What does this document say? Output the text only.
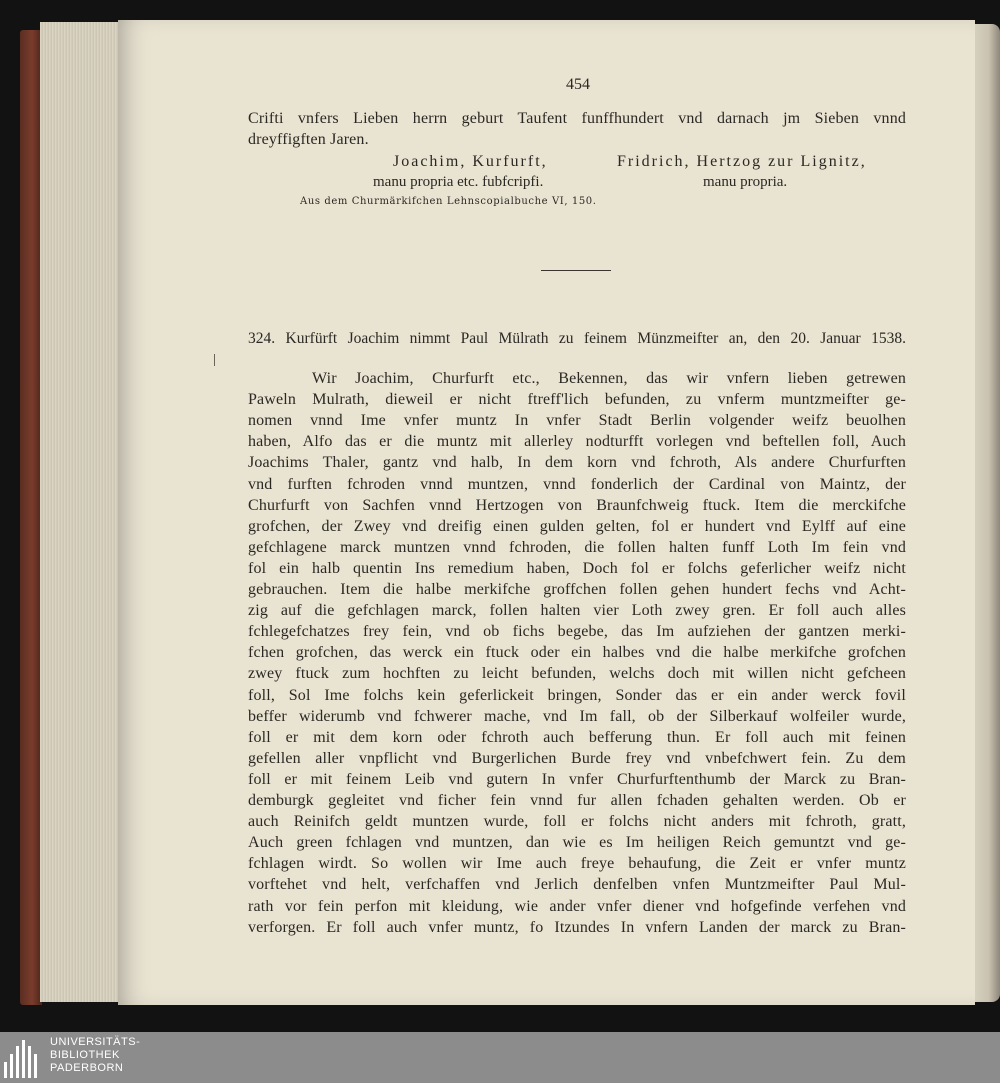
454
Crifti vnfers Lieben herrn geburt Taufent funffhundert vnd darnach jm Sieben vnnd
dreyffigften Jaren.
Joachim, Kurfurft,	Fridrich, Hertzog zur Lignitz,
manu propria etc. fubfcripfi.	manu propria.
Aus dem Churmärkifchen Lehnscopialbuche VI, 150.
324. Kurfürft Joachim nimmt Paul Mülrath zu feinem Münzmeifter an, den 20. Januar 1538.
Wir Joachim, Churfurft etc., Bekennen, das wir vnfern lieben getrewen
Paweln Mulrath, dieweil er nicht ftreff'lich befunden, zu vnferm muntzmeifter ge-
nomen vnnd Ime vnfer muntz In vnfer Stadt Berlin volgender weifz beuolhen
haben, Alfo das er die muntz mit allerley nodturfft vorlegen vnd beftellen foll, Auch
Joachims Thaler, gantz vnd halb, In dem korn vnd fchroth, Als andere Churfurften
vnd furften fchroden vnnd muntzen, vnnd fonderlich der Cardinal von Maintz, der
Churfurft von Sachfen vnnd Hertzogen von Braunfchweig ftuck. Item die merckifche
grofchen, der Zwey vnd dreifig einen gulden gelten, fol er hundert vnd Eylff auf eine
gefchlagene marck muntzen vnnd fchroden, die follen halten funff Loth Im fein vnd
fol ein halb quentin Ins remedium haben, Doch fol er folchs geferlicher weifz nicht
gebrauchen. Item die halbe merkifche groffchen follen gehen hundert fechs vnd Acht-
zig auf die gefchlagen marck, follen halten vier Loth zwey gren. Er foll auch alles
fchlegefchatzes frey fein, vnd ob fichs begebe, das Im aufziehen der gantzen merki-
fchen grofchen, das werck ein ftuck oder ein halbes vnd die halbe merkifche grofchen
zwey ftuck zum hochften zu leicht befunden, welchs doch mit willen nicht gefcheen
foll, Sol Ime folchs kein geferlickeit bringen, Sonder das er ein ander werck fovil
beffer widerumb vnd fchwerer mache, vnd Im fall, ob der Silberkauf wolfeiler wurde,
foll er mit dem korn oder fchroth auch befferung thun. Er foll auch mit feinen
gefellen aller vnpflicht vnd Burgerlichen Burde frey vnd vnbefchwert fein. Zu dem
foll er mit feinem Leib vnd gutern In vnfer Churfurftenthumb der Marck zu Bran-
demburgk gegleitet vnd ficher fein vnnd fur allen fchaden gehalten werden. Ob er
auch Reinifch geldt muntzen wurde, foll er folchs nicht anders mit fchroth, gratt,
Auch green fchlagen vnd muntzen, dan wie es Im heiligen Reich gemuntzt vnd ge-
fchlagen wirdt. So wollen wir Ime auch freye behaufung, die Zeit er vnfer muntz
vorftehet vnd helt, verfchaffen vnd Jerlich denfelben vnfen Muntzmeifter Paul Mul-
rath vor fein perfon mit kleidung, wie ander vnfer diener vnd hofgefinde verfehen vnd
verforgen. Er foll auch vnfer muntz, fo Itzundes In vnfern Landen der marck zu Bran-
UNIVERSITÄTS-
BIBLIOTHEK
PADERBORN
